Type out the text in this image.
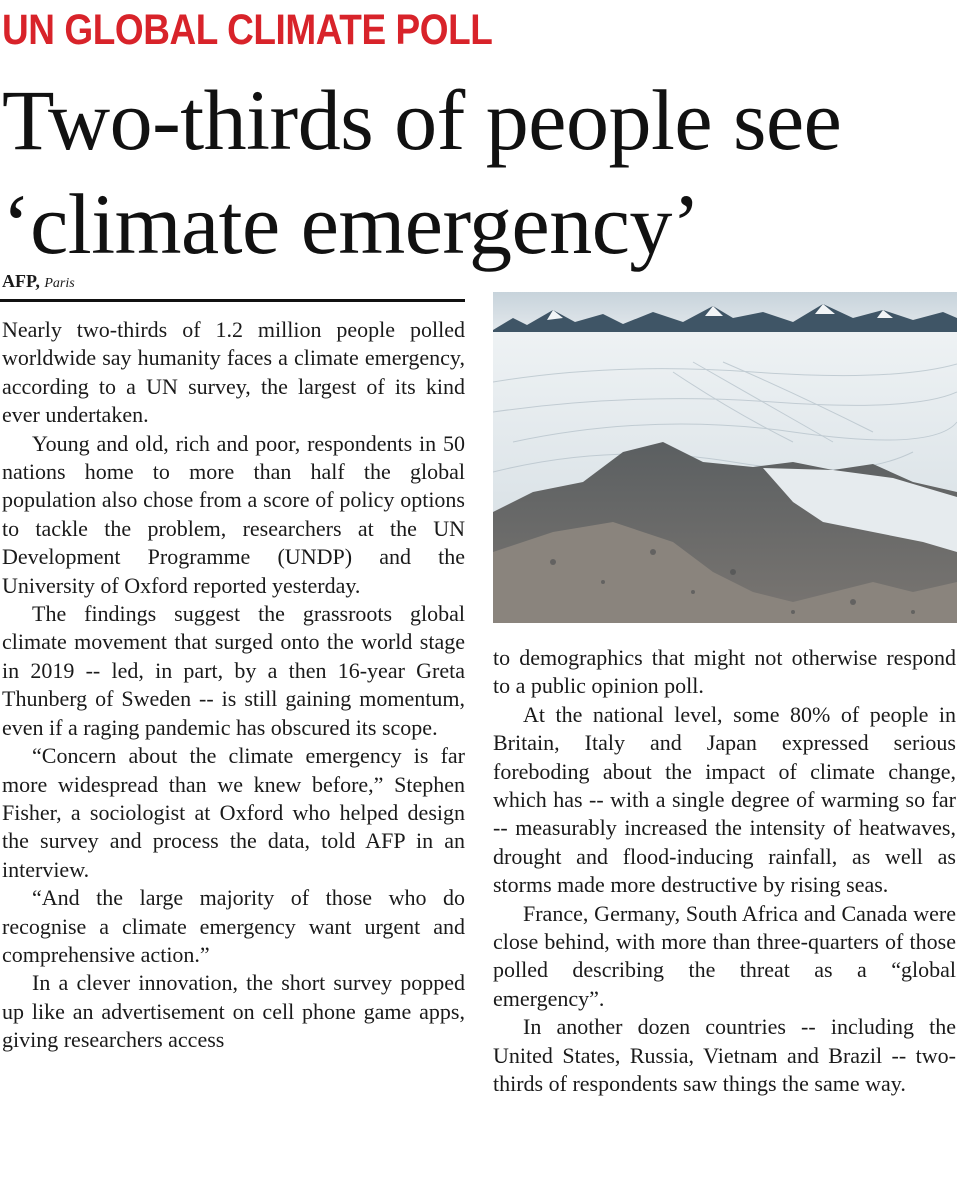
UN GLOBAL CLIMATE POLL
Two-thirds of people see
‘climate emergency’
AFP, Paris

Nearly two-thirds of 1.2 million people polled worldwide say humanity faces a climate emergency, according to a UN survey, the largest of its kind ever undertaken.

Young and old, rich and poor, respondents in 50 nations home to more than half the global population also chose from a score of policy options to tackle the problem, researchers at the UN Development Programme (UNDP) and the University of Oxford reported yesterday.

The findings suggest the grassroots global climate movement that surged onto the world stage in 2019 -- led, in part, by a then 16-year Greta Thunberg of Sweden -- is still gaining momentum, even if a raging pandemic has obscured its scope.

“Concern about the climate emergency is far more widespread than we knew before,” Stephen Fisher, a sociologist at Oxford who helped design the survey and process the data, told AFP in an interview.

“And the large majority of those who do recognise a climate emergency want urgent and comprehensive action.”

In a clever innovation, the short survey popped up like an advertisement on cell phone game apps, giving researchers access

to demographics that might not otherwise respond to a public opinion poll.

At the national level, some 80% of people in Britain, Italy and Japan expressed serious foreboding about the impact of climate change, which has -- with a single degree of warming so far -- measurably increased the intensity of heatwaves, drought and flood-inducing rainfall, as well as storms made more destructive by rising seas.

France, Germany, South Africa and Canada were close behind, with more than three-quarters of those polled describing the threat as a “global emergency”.

In another dozen countries -- including the United States, Russia, Vietnam and Brazil -- two-thirds of respondents saw things the same way.
